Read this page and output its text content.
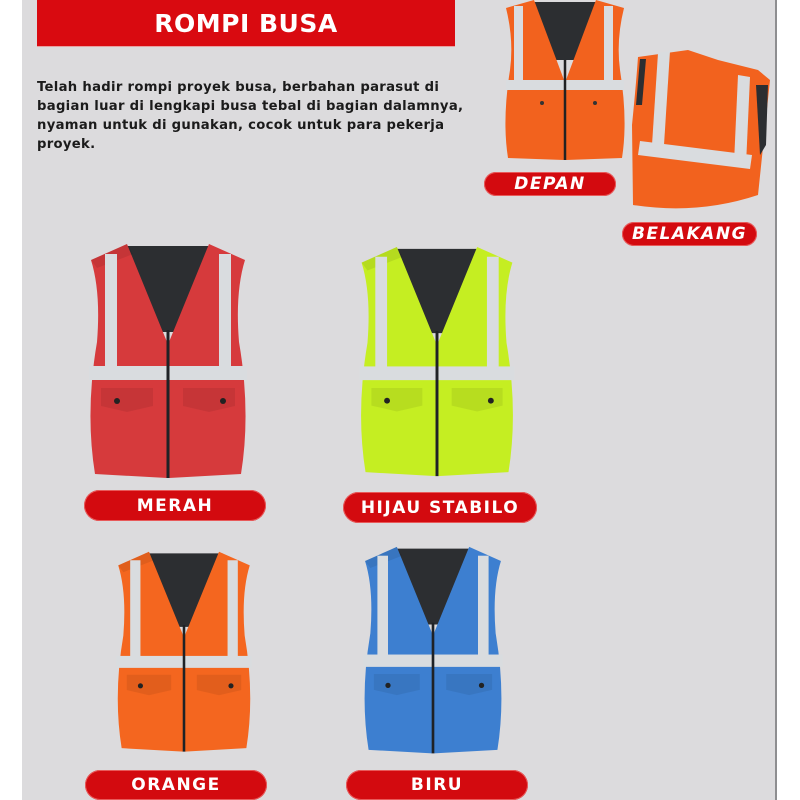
ROMPI BUSA
Telah hadir rompi proyek busa, berbahan parasut di bagian luar di lengkapi busa tebal di bagian dalamnya, nyaman untuk di gunakan, cocok untuk para pekerja proyek.
DEPAN
BELAKANG
MERAH	HIJAU STABILO
ORANGE	BIRU
